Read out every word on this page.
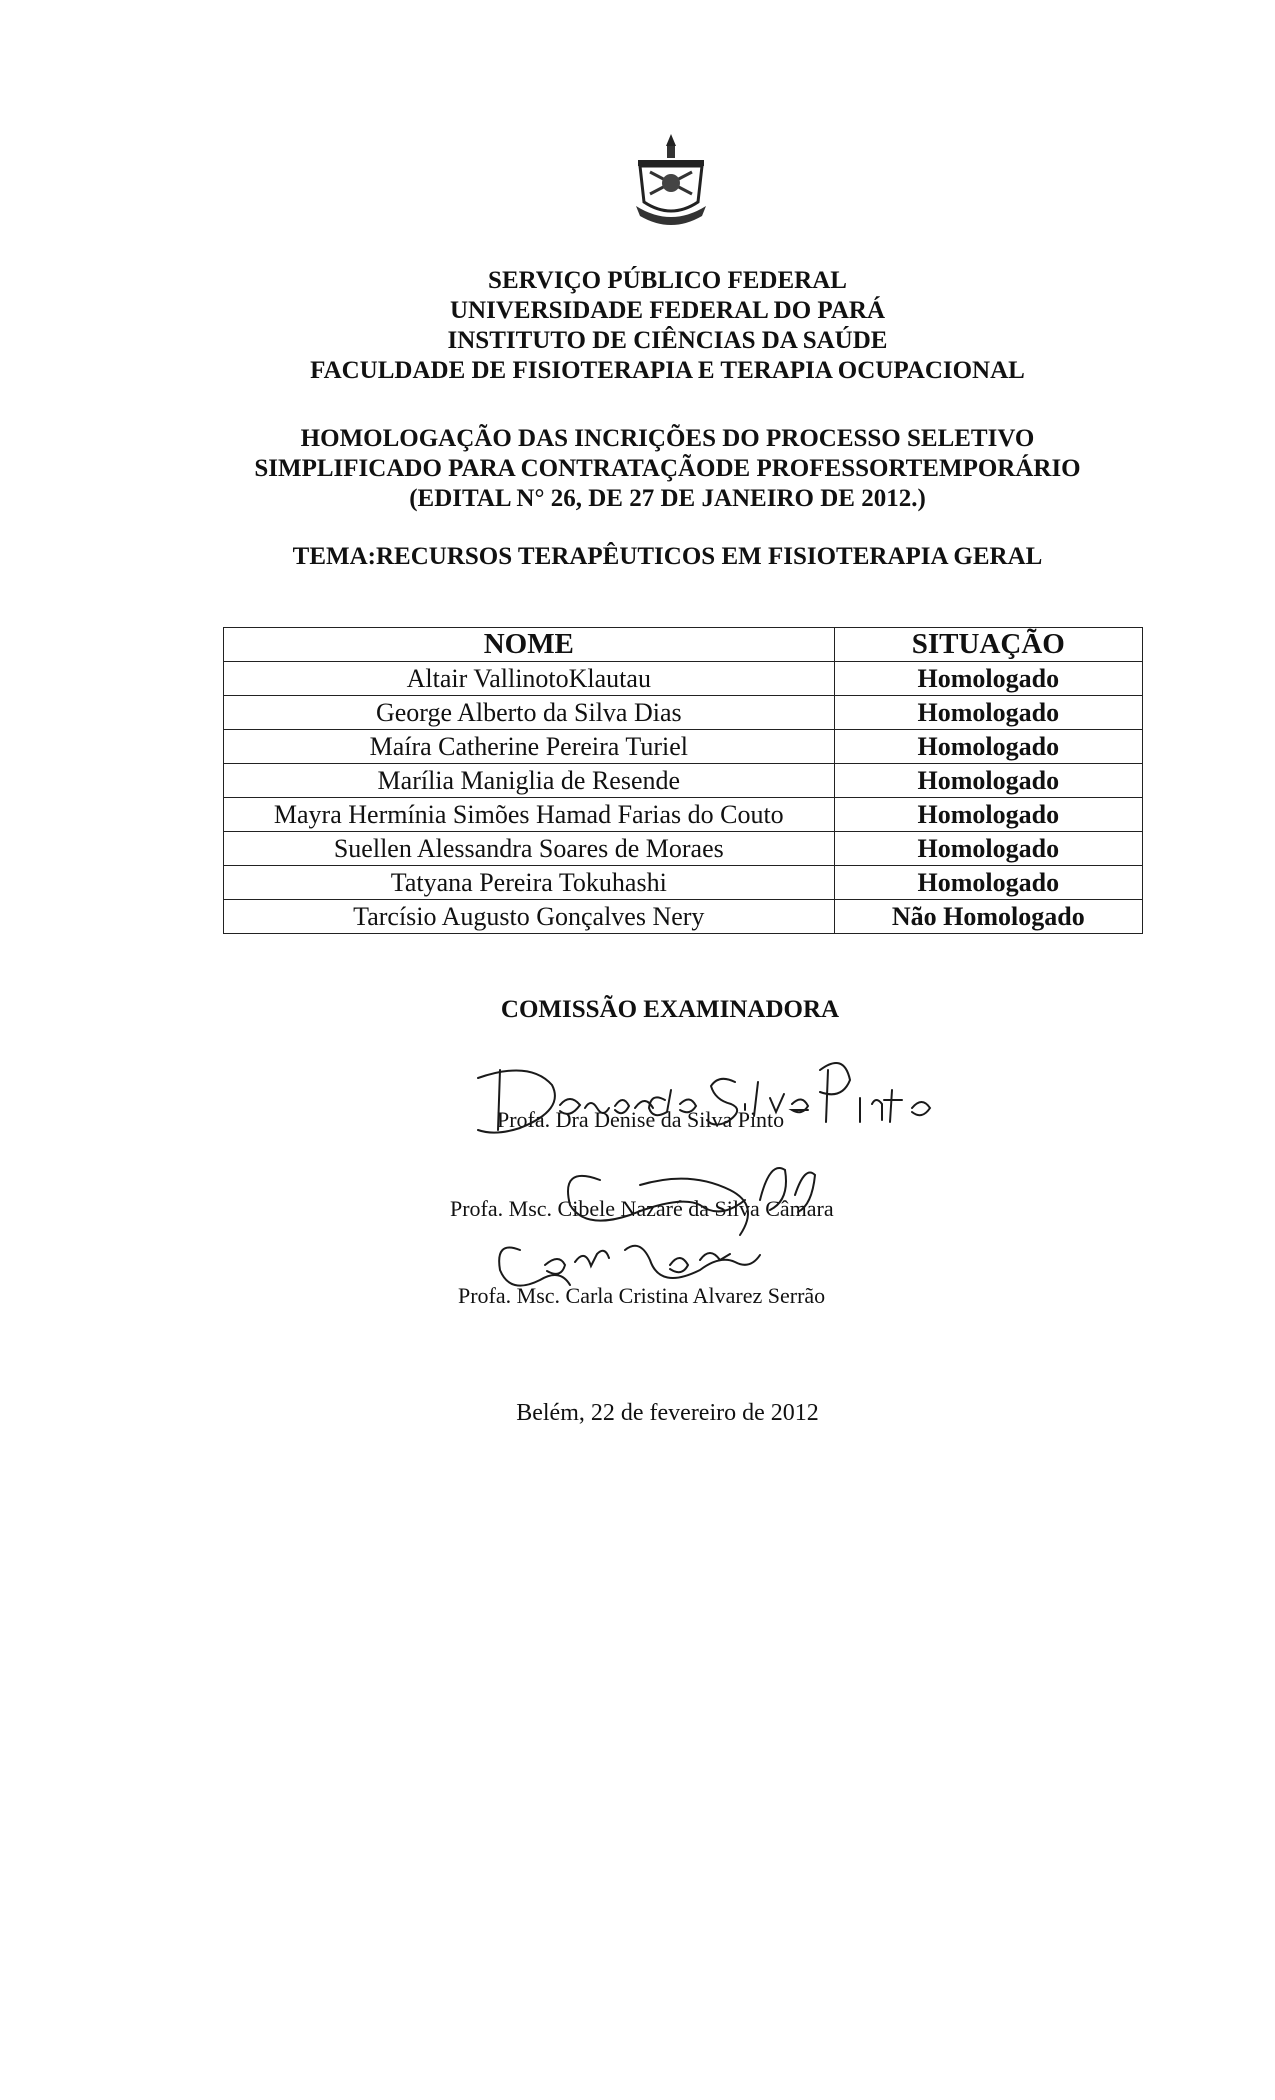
SERVIÇO PÚBLICO FEDERAL
UNIVERSIDADE FEDERAL DO PARÁ
INSTITUTO DE CIÊNCIAS DA SAÚDE
FACULDADE DE FISIOTERAPIA E TERAPIA OCUPACIONAL
HOMOLOGAÇÃO DAS INCRIÇÕES DO PROCESSO SELETIVO
SIMPLIFICADO PARA CONTRATAÇÃODE PROFESSORTEMPORÁRIO
(EDITAL N° 26, DE 27 DE JANEIRO DE 2012.)
TEMA:RECURSOS TERAPÊUTICOS EM FISIOTERAPIA GERAL
NOME	SITUAÇÃO
Altair VallinotoKlautau	Homologado
George Alberto da Silva Dias	Homologado
Maíra Catherine Pereira Turiel	Homologado
Marília Maniglia de Resende	Homologado
Mayra Hermínia Simões Hamad Farias do Couto	Homologado
Suellen Alessandra Soares de Moraes	Homologado
Tatyana Pereira Tokuhashi	Homologado
Tarcísio Augusto Gonçalves Nery	Não Homologado
COMISSÃO EXAMINADORA
Profa. Dra Denise da Silva Pinto
Profa. Msc. Cibele Nazaré da Silva Câmara
Profa. Msc. Carla Cristina Alvarez Serrão
Belém, 22 de fevereiro de 2012
